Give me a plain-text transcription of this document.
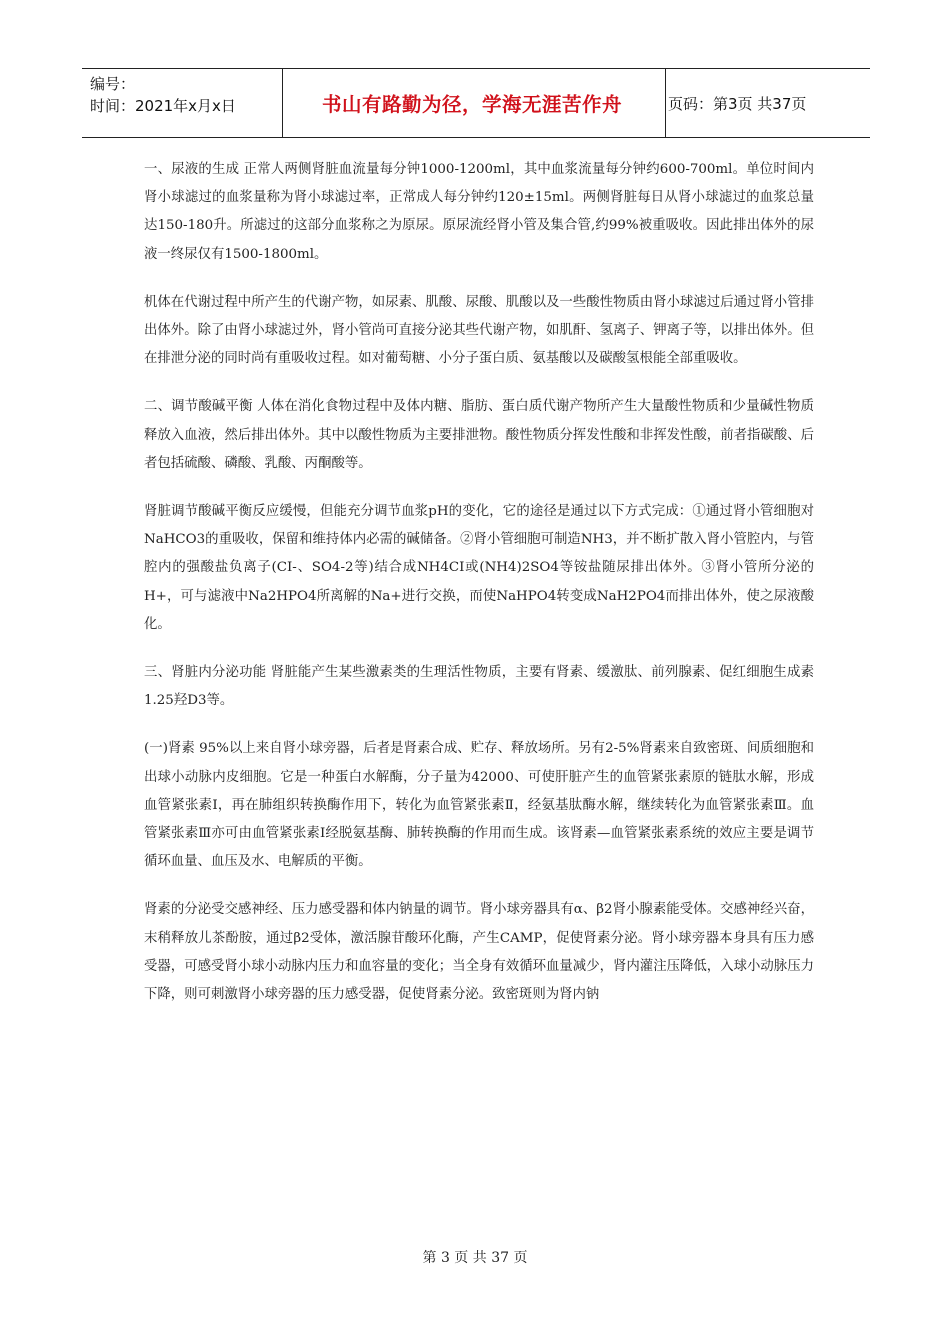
编号：
时间：2021年x月x日	书山有路勤为径，学海无涯苦作舟	页码：第3页 共37页

一、尿液的生成 正常人两侧肾脏血流量每分钟1000-1200ml，其中血浆流量每分钟约600-700ml。单位时间内肾小球滤过的血浆量称为肾小球滤过率，正常成人每分钟约120±15ml。两侧肾脏每日从肾小球滤过的血浆总量达150-180升。所滤过的这部分血浆称之为原尿。原尿流经肾小管及集合管,约99%被重吸收。因此排出体外的尿液一终尿仅有1500-1800ml。

机体在代谢过程中所产生的代谢产物，如尿素、肌酸、尿酸、肌酸以及一些酸性物质由肾小球滤过后通过肾小管排出体外。除了由肾小球滤过外，肾小管尚可直接分泌其些代谢产物，如肌酐、氢离子、钾离子等，以排出体外。但在排泄分泌的同时尚有重吸收过程。如对葡萄糖、小分子蛋白质、氨基酸以及碳酸氢根能全部重吸收。

二、调节酸碱平衡 人体在消化食物过程中及体内糖、脂肪、蛋白质代谢产物所产生大量酸性物质和少量碱性物质释放入血液，然后排出体外。其中以酸性物质为主要排泄物。酸性物质分挥发性酸和非挥发性酸，前者指碳酸、后者包括硫酸、磷酸、乳酸、丙酮酸等。

肾脏调节酸碱平衡反应缓慢，但能充分调节血浆pH的变化，它的途径是通过以下方式完成：①通过肾小管细胞对NaHCO3的重吸收，保留和维持体内必需的碱储备。②肾小管细胞可制造NH3，并不断扩散入肾小管腔内，与管腔内的强酸盐负离子(CI-、SO4-2等)结合成NH4CI或(NH4)2SO4等铵盐随尿排出体外。③肾小管所分泌的H+，可与滤液中Na2HPO4所离解的Na+进行交换，而使NaHPO4转变成NaH2PO4而排出体外，使之尿液酸化。

三、肾脏内分泌功能 肾脏能产生某些激素类的生理活性物质，主要有肾素、缓激肽、前列腺素、促红细胞生成素1.25羟D3等。

(一)肾素 95%以上来自肾小球旁器，后者是肾素合成、贮存、释放场所。另有2-5%肾素来自致密斑、间质细胞和出球小动脉内皮细胞。它是一种蛋白水解酶，分子量为42000、可使肝脏产生的血管紧张素原的链肽水解，形成血管紧张素Ⅰ，再在肺组织转换酶作用下，转化为血管紧张素Ⅱ，经氨基肽酶水解，继续转化为血管紧张素Ⅲ。血管紧张素Ⅲ亦可由血管紧张素Ⅰ经脱氨基酶、肺转换酶的作用而生成。该肾素—血管紧张素系统的效应主要是调节循环血量、血压及水、电解质的平衡。

肾素的分泌受交感神经、压力感受器和体内钠量的调节。肾小球旁器具有α、β2肾小腺素能受体。交感神经兴奋，末稍释放儿茶酚胺，通过β2受体，激活腺苷酸环化酶，产生CAMP，促使肾素分泌。肾小球旁器本身具有压力感受器，可感受肾小球小动脉内压力和血容量的变化；当全身有效循环血量减少，肾内灌注压降低，入球小动脉压力下降，则可刺激肾小球旁器的压力感受器，促使肾素分泌。致密斑则为肾内钠

第 3 页 共 37 页
